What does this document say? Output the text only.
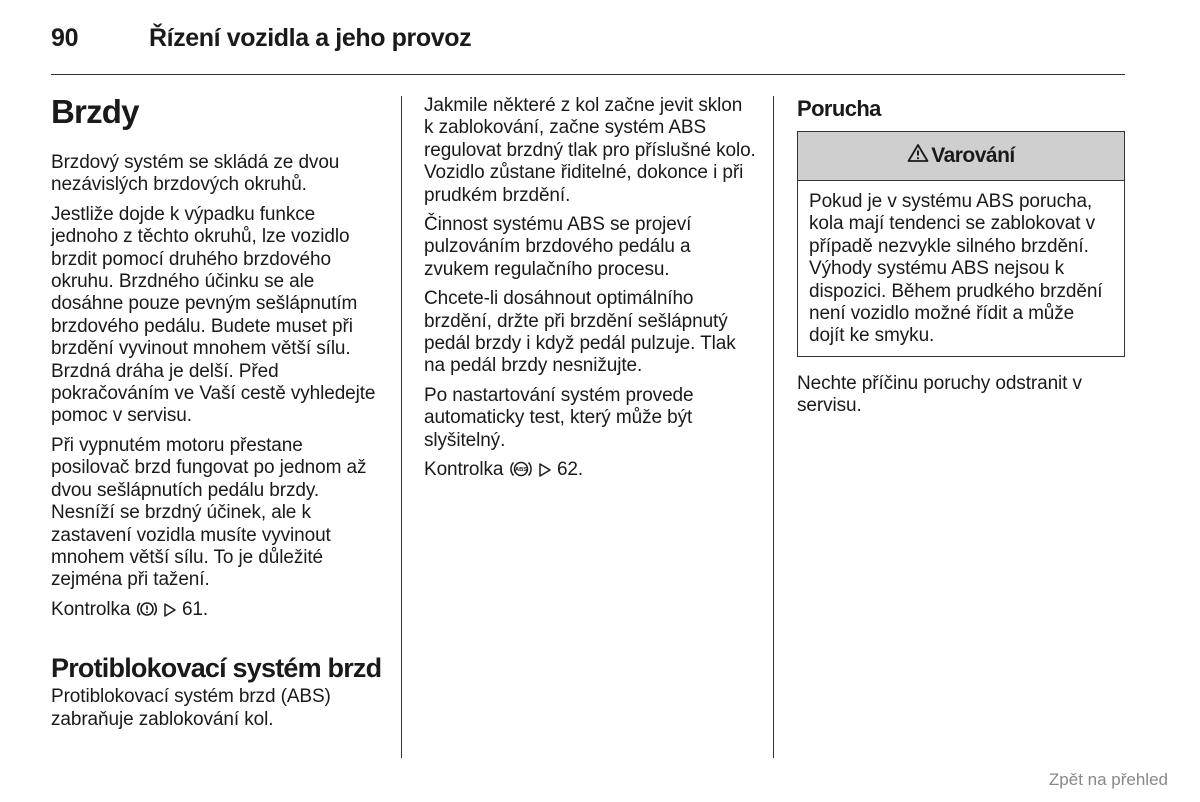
90	Řízení vozidla a jeho provoz
Brzdy

Brzdový systém se skládá ze dvou nezávislých brzdových okruhů.

Jestliže dojde k výpadku funkce jednoho z těchto okruhů, lze vozidlo brzdit pomocí druhého brzdového okruhu. Brzdného účinku se ale dosáhne pouze pevným sešlápnutím brzdového pedálu. Budete muset při brzdění vyvinout mnohem větší sílu. Brzdná dráha je delší. Před pokračováním ve Vaší cestě vyhledejte pomoc v servisu.

Při vypnutém motoru přestane posilovač brzd fungovat po jednom až dvou sešlápnutích pedálu brzdy. Nesníží se brzdný účinek, ale k zastavení vozidla musíte vyvinout mnohem větší sílu. To je důležité zejména při tažení.

Kontrolka	61.

Protiblokovací systém brzd

Protiblokovací systém brzd (ABS) zabraňuje zablokování kol.

Jakmile některé z kol začne jevit sklon k zablokování, začne systém ABS regulovat brzdný tlak pro příslušné kolo. Vozidlo zůstane řiditelné, dokonce i při prudkém brzdění.

Činnost systému ABS se projeví pulzováním brzdového pedálu a zvukem regulačního procesu.

Chcete-li dosáhnout optimálního brzdění, držte při brzdění sešlápnutý pedál brzdy i když pedál pulzuje. Tlak na pedál brzdy nesnižujte.

Po nastartování systém provede automaticky test, který může být slyšitelný.

Kontrolka ABS 62.

Porucha
Varování

Pokud je v systému ABS porucha, kola mají tendenci se zablokovat v případě nezvykle silného brzdění. Výhody systému ABS nejsou k dispozici. Během prudkého brzdění není vozidlo možné řídit a může dojít ke smyku.

Nechte příčinu poruchy odstranit v servisu.

Zpět na přehled
